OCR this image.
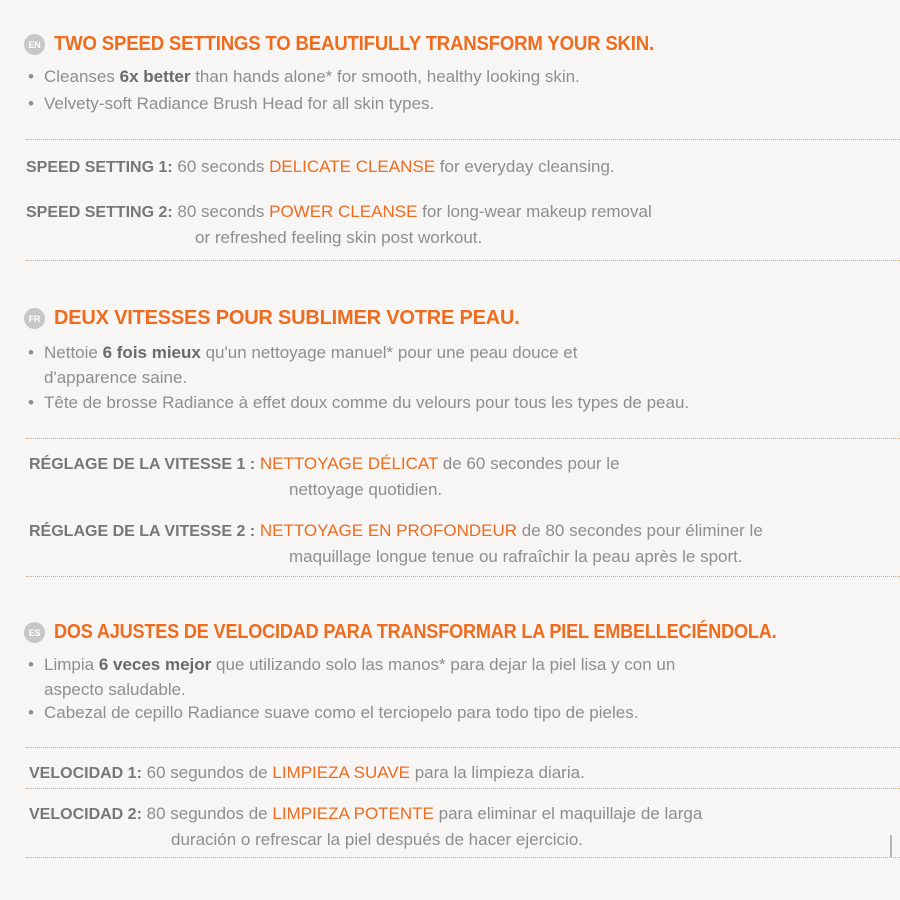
EN TWO SPEED SETTINGS TO BEAUTIFULLY TRANSFORM YOUR SKIN.
• Cleanses 6x better than hands alone* for smooth, healthy looking skin.
• Velvety-soft Radiance Brush Head for all skin types.
SPEED SETTING 1: 60 seconds DELICATE CLEANSE for everyday cleansing.
SPEED SETTING 2: 80 seconds POWER CLEANSE for long-wear makeup removal
or refreshed feeling skin post workout.
FR DEUX VITESSES POUR SUBLIMER VOTRE PEAU.
• Nettoie 6 fois mieux qu'un nettoyage manuel* pour une peau douce et
d'apparence saine.
• Tête de brosse Radiance à effet doux comme du velours pour tous les types de peau.
RÉGLAGE DE LA VITESSE 1 : NETTOYAGE DÉLICAT de 60 secondes pour le
nettoyage quotidien.
RÉGLAGE DE LA VITESSE 2 : NETTOYAGE EN PROFONDEUR de 80 secondes pour éliminer le
maquillage longue tenue ou rafraîchir la peau après le sport.
ES DOS AJUSTES DE VELOCIDAD PARA TRANSFORMAR LA PIEL EMBELLECIÉNDOLA.
• Limpia 6 veces mejor que utilizando solo las manos* para dejar la piel lisa y con un
aspecto saludable.
• Cabezal de cepillo Radiance suave como el terciopelo para todo tipo de pieles.
VELOCIDAD 1: 60 segundos de LIMPIEZA SUAVE para la limpieza diaria.
VELOCIDAD 2: 80 segundos de LIMPIEZA POTENTE para eliminar el maquillaje de larga
duración o refrescar la piel después de hacer ejercicio.
